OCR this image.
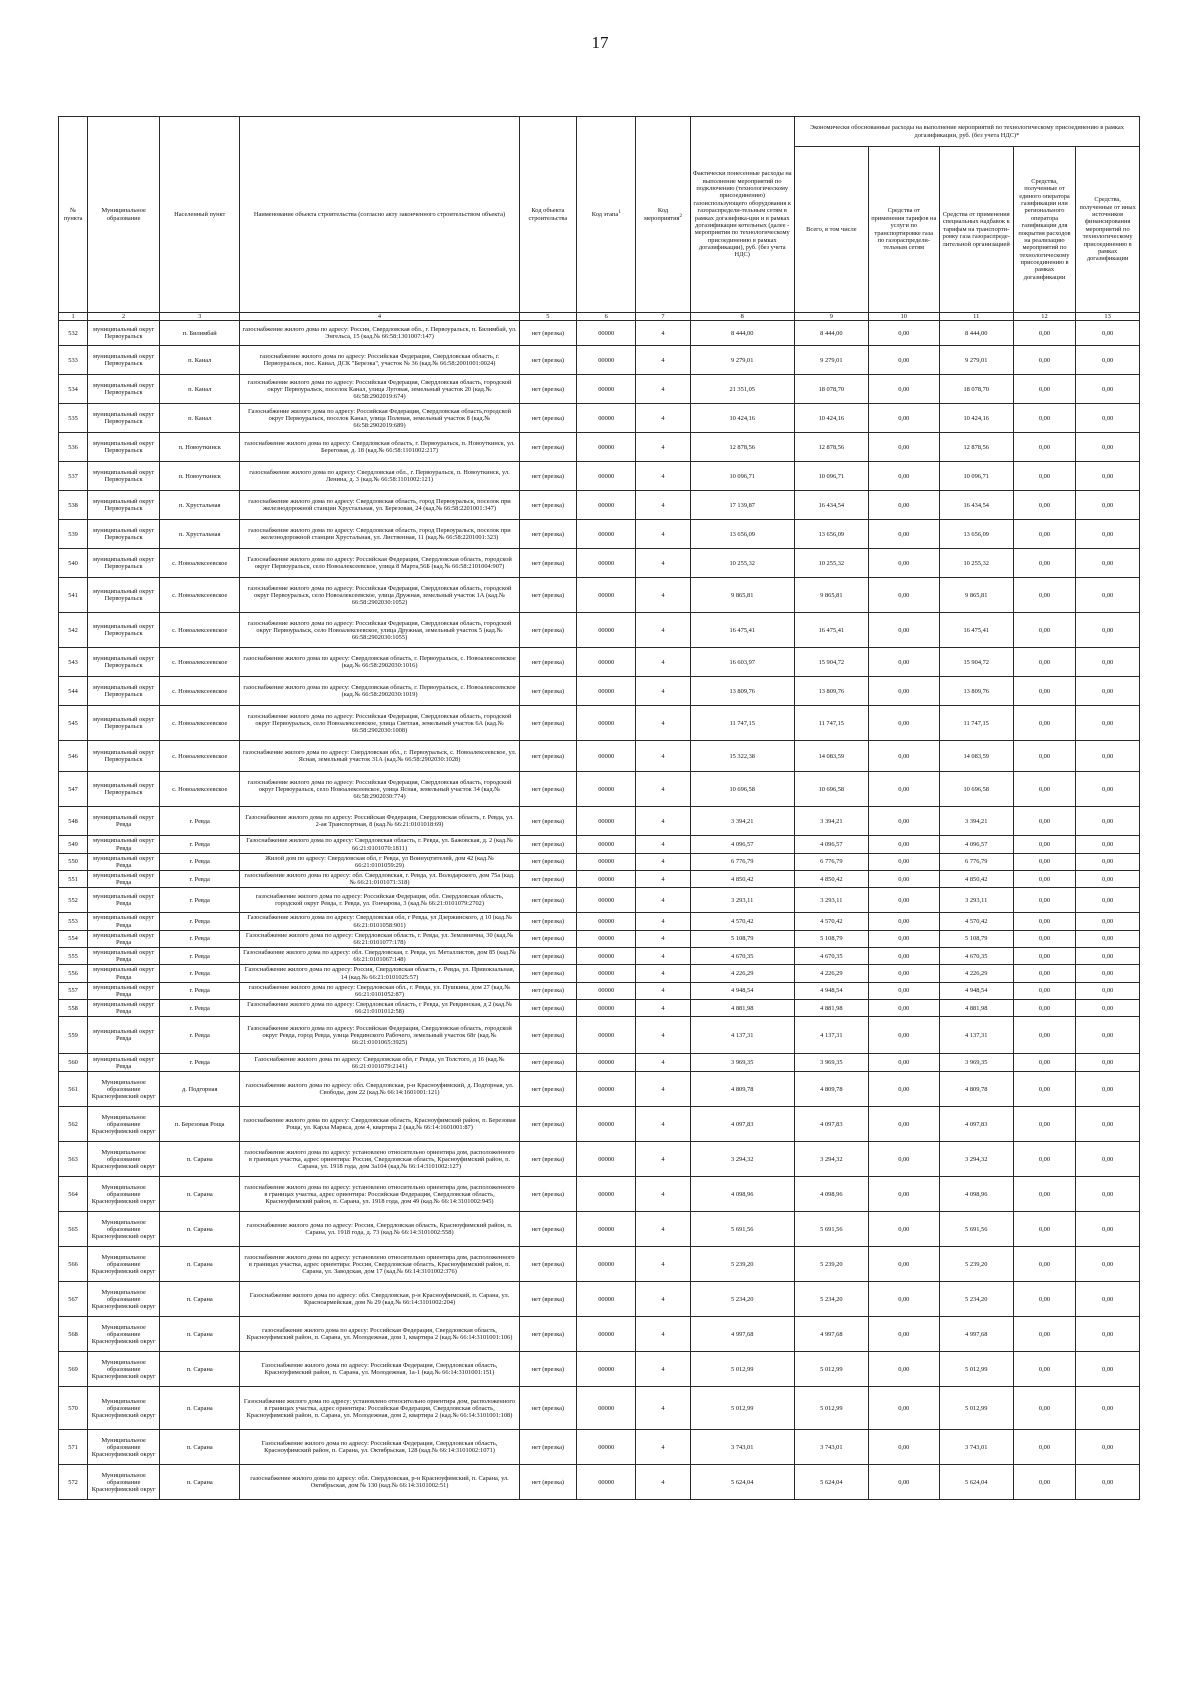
17
№ пункта	Муниципальное образование	Населенный пункт	Наименование объекта строительства (согласно акту законченного строительством объекта)	Код объекта строительства	Код этапа$^1$	Код мероприятия$^2$	Фактически понесенные расходы на выполнение мероприятий по подключению (технологическому присоединению) газоиспользующего оборудования к газораспредели-тельным сетям в рамках догазифика-ции и в рамках догазификации котельных (далее - мероприятия по технологическому присоединению в рамках догазификации), руб. (без учета НДС)	Экономически обоснованные расходы на выполнение мероприятий по технологическому присоединению в рамках догазификации, руб. (без учета НДС)*				
								Всего, в том числе	Средства от применения тарифов на услуги по транспортировке газа по газораспредели-тельным сетям	Средства от применения специальных надбавок к тарифам на транспорти-ровку газа газораспреде-лительной организацией	Средства, полученные от единого оператора газификации или регионального оператора газификации для покрытия расходов на реализацию мероприятий по технологическому присоединению в рамках догазификации	Средства, полученные от иных источников финансирования мероприятий по технологическому присоединению в рамках догазификации
1	2	3	4	5	6	7	8	9	10	11	12	13
532	муниципальный округ Первоуральск	п. Билимбай	газоснабжение жилого дома по адресу: Россия, Свердловская обл., г. Первоуральск, п. Билимбай, ул. Энгельса, 15 (кад.№ 66:58:1301007:147)	нет (врезка)	00000	4	8 444,00	8 444,00	0,00	8 444,00	0,00	0,00
533	муниципальный округ Первоуральск	п. Канал	газоснабжение жилого дома по адресу: Российская Федерация, Свердловская область, г. Первоуральск, пос. Канал, ДСК "Березка", участок № 36 (кад.№ 66:58:2001001:0024)	нет (врезка)	00000	4	9 279,01	9 279,01	0,00	9 279,01	0,00	0,00
534	муниципальный округ Первоуральск	п. Канал	газоснабжение жилого дома по адресу: Российская Федерация, Свердловская область, городской округ Первоуральск, поселок Канал, улица Луговая, земельный участок 20 (кад.№ 66:58:2902019:674)	нет (врезка)	00000	4	21 351,05	18 078,70	0,00	18 078,70	0,00	0,00
535	муниципальный округ Первоуральск	п. Канал	Газоснабжение жилого дома по адресу: Российская Федерация, Свердловская область,городской округ Первоуральск, поселок Канал, улица Полевая, земельный участок 8 (кад.№ 66:58:2902019:689)	нет (врезка)	00000	4	10 424,16	10 424,16	0,00	10 424,16	0,00	0,00
536	муниципальный округ Первоуральск	п. Новоуткинск	газоснабжение жилого дома по адресу: Свердловская область, г. Первоуральск, п. Новоуткинск, ул. Береговая, д. 18 (кад.№ 66:58:1101002:217)	нет (врезка)	00000	4	12 878,56	12 878,56	0,00	12 878,56	0,00	0,00
537	муниципальный округ Первоуральск	п. Новоуткинск	газоснабжение жилого дома по адресу: Свердловская обл., г. Первоуральск, п. Новоуткинск, ул. Ленина, д. 3 (кад.№ 66:58:1101002:121)	нет (врезка)	00000	4	10 096,71	10 096,71	0,00	10 096,71	0,00	0,00
538	муниципальный округ Первоуральск	п. Хрустальная	газоснабжение жилого дома по адресу: Свердловская область, город Первоуральск, поселок при железнодорожной станции Хрустальная, ул. Березовая, 24 (кад.№ 66:58:2201001:347)	нет (врезка)	00000	4	17 139,87	16 434,54	0,00	16 434,54	0,00	0,00
539	муниципальный округ Первоуральск	п. Хрустальная	газоснабжение жилого дома по адресу: Свердловская область, город Первоуральск, поселок при железнодорожной станции Хрустальная, ул. Лиственная, 11 (кад.№ 66:58:2201001:323)	нет (врезка)	00000	4	13 656,09	13 656,09	0,00	13 656,09	0,00	0,00
540	муниципальный округ Первоуральск	с. Новоалексеевское	Газоснабжение жилого дома по адресу: Российская Федерация, Свердловская область, городской округ Первоуральск, село Новоалексеевское, улица 8 Марта,56Б (кад.№ 66:58:2101004:907)	нет (врезка)	00000	4	10 255,32	10 255,32	0,00	10 255,32	0,00	0,00
541	муниципальный округ Первоуральск	с. Новоалексеевское	газоснабжение жилого дома по адресу: Российская Федерация, Свердловская область, городской округ Первоуральск, село Новоалексеевское, улица Дружная, земельный участок 1А (кад.№ 66:58:2902030:1052)	нет (врезка)	00000	4	9 865,81	9 865,81	0,00	9 865,81	0,00	0,00
542	муниципальный округ Первоуральск	с. Новоалексеевское	газоснабжение жилого дома по адресу: Российская Федерация, Свердловская область, городской округ Первоуральск, село Новоалексеевское, улица Дружная, земельный участок 5 (кад.№ 66:58:2902030:1055)	нет (врезка)	00000	4	16 475,41	16 475,41	0,00	16 475,41	0,00	0,00
543	муниципальный округ Первоуральск	с. Новоалексеевское	газоснабжение жилого дома по адресу: Свердловская область, г. Первоуральск, с. Новоалексеевское (кад.№ 66:58:2902030:1016)	нет (врезка)	00000	4	16 603,97	15 904,72	0,00	15 904,72	0,00	0,00
544	муниципальный округ Первоуральск	с. Новоалексеевское	газоснабжение жилого дома по адресу: Свердловская область, г. Первоуральск, с. Новоалексеевское (кад.№ 66:58:2902030:1019)	нет (врезка)	00000	4	13 809,76	13 809,76	0,00	13 809,76	0,00	0,00
545	муниципальный округ Первоуральск	с. Новоалексеевское	газоснабжение жилого дома по адресу: Российская Федерация, Свердловская область, городской округ Первоуральск, село Новоалексеевское, улица Светлая, земельный участок 6А (кад.№ 66:58:2902030:1008)	нет (врезка)	00000	4	11 747,15	11 747,15	0,00	11 747,15	0,00	0,00
546	муниципальный округ Первоуральск	с. Новоалексеевское	газоснабжение жилого дома по адресу: Свердловская обл., г. Первоуральск, с. Новоалексеевское, ул. Ясная, земельный участок 31А (кад.№ 66:58:2902030:1028)	нет (врезка)	00000	4	15 322,38	14 083,59	0,00	14 083,59	0,00	0,00
547	муниципальный округ Первоуральск	с. Новоалексеевское	газоснабжение жилого дома по адресу: Российская Федерация, Свердловская область, городской округ Первоуральск, село Новоалексеевское, улица Ясная, земельный участок 34 (кад.№ 66:58:2902030:774)	нет (врезка)	00000	4	10 696,58	10 696,58	0,00	10 696,58	0,00	0,00
548	муниципальный округ Ревда	г. Ревда	Газоснабжение жилого дома по адресу: Российская Федерация, Свердловская область, г. Ревда, ул. 2-ая Транспортная, 8 (кад.№ 66:21:0101018:69)	нет (врезка)	00000	4	3 394,21	3 394,21	0,00	3 394,21	0,00	0,00
549	муниципальный округ Ревда	г. Ревда	Газоснабжение жилого дома по адресу: Свердловская область, г. Ревда, ул. Бажовская, д. 2 (кад.№ 66:21:0101070:1811)	нет (врезка)	00000	4	4 096,57	4 096,57	0,00	4 096,57	0,00	0,00
550	муниципальный округ Ревда	г. Ревда	Жилой дом по адресу: Свердловская обл, г Ревда, ул Воинуцтителей, дом 42 (кад.№ 66:21:0101059:29)	нет (врезка)	00000	4	6 776,79	6 776,79	0,00	6 776,79	0,00	0,00
551	муниципальный округ Ревда	г. Ревда	газоснабжение жилого дома по адресу: обл. Свердловская, г. Ревда, ул. Володарского, дом 75а (кад.№ 66:21:0101071:318)	нет (врезка)	00000	4	4 850,42	4 850,42	0,00	4 850,42	0,00	0,00
552	муниципальный округ Ревда	г. Ревда	газоснабжение жилого дома по адресу: Российская Федерация, обл. Свердловская область, городской округ Ревда, г. Ревда, ул. Гончарова, 3 (кад.№ 66:21:0101079:2702)	нет (врезка)	00000	4	3 293,11	3 293,11	0,00	3 293,11	0,00	0,00
553	муниципальный округ Ревда	г. Ревда	Газоснабжение жилого дома по адресу: Свердловская обл, г Ревда, ул Дзержинского, д 10 (кад.№ 66:21:0101058:901)	нет (врезка)	00000	4	4 570,42	4 570,42	0,00	4 570,42	0,00	0,00
554	муниципальный округ Ревда	г. Ревда	Газоснабжение жилого дома по адресу: Свердловская область, г. Ревда, ул. Землянична, 30 (кад.№ 66:21:0101077:178)	нет (врезка)	00000	4	5 108,79	5 108,79	0,00	5 108,79	0,00	0,00
555	муниципальный округ Ревда	г. Ревда	Газоснабжение жилого дома по адресу: обл. Свердловская, г. Ревда, ул. Металлистов, дом 85 (кад.№ 66:21:0101067:148)	нет (врезка)	00000	4	4 670,35	4 670,35	0,00	4 670,35	0,00	0,00
556	муниципальный округ Ревда	г. Ревда	Газоснабжение жилого дома по адресу: Россия, Свердловская область, г. Ревда, ул. Привокзальная, 14 (кад.№ 66:21:0101025:57)	нет (врезка)	00000	4	4 226,29	4 226,29	0,00	4 226,29	0,00	0,00
557	муниципальный округ Ревда	г. Ревда	газоснабжение жилого дома по адресу: Свердловская обл., г. Ревда, ул. Пушкина, дом 27 (кад.№ 66:21:0101052:87)	нет (врезка)	00000	4	4 948,54	4 948,54	0,00	4 948,54	0,00	0,00
558	муниципальный округ Ревда	г. Ревда	Газоснабжение жилого дома по адресу: Свердловская область, г Ревда, ул Ревдинская, д 2 (кад.№ 66:21:0101012:58)	нет (врезка)	00000	4	4 881,98	4 881,98	0,00	4 881,98	0,00	0,00
559	муниципальный округ Ревда	г. Ревда	Газоснабжение жилого дома по адресу: Российская Федерация, Свердловская область, городской округ Ревда, город Ревда, улица Ревдинского Рабочего, земельный участок 68г (кад.№ 66:21:0101065:3925)	нет (врезка)	00000	4	4 137,31	4 137,31	0,00	4 137,31	0,00	0,00
560	муниципальный округ Ревда	г. Ревда	Газоснабжение жилого дома по адресу: Свердловская обл, г Ревда, ул Толстого, д 16 (кад.№ 66:21:0101079:2141)	нет (врезка)	00000	4	3 969,35	3 969,35	0,00	3 969,35	0,00	0,00
561	Муниципальное образование Красноуфимский округ	д. Подгорная	газоснабжение жилого дома по адресу: обл. Свердловская, р-н Красноуфимский, д. Подгорная, ул. Свободы, дом 22 (кад.№ 66:14:1601001:121)	нет (врезка)	00000	4	4 809,78	4 809,78	0,00	4 809,78	0,00	0,00
562	Муниципальное образование Красноуфимский округ	п. Березовая Роща	газоснабжение жилого дома по адресу: Свердловская область, Красноуфимский район, п. Березовая Роща, ул. Карла Маркса, дом 4, квартира 2 (кад.№ 66:14:1601001:87)	нет (врезка)	00000	4	4 097,83	4 097,83	0,00	4 097,83	0,00	0,00
563	Муниципальное образование Красноуфимский округ	п. Сарана	газоснабжение жилого дома по адресу: установлено относительно ориентира дом, расположенного в границах участка, адрес ориентира: Россия, Свердловская область, Красноуфимский район, п. Сарана, ул. 1918 года, дом 3а104 (кад.№ 66:14:3101002:127)	нет (врезка)	00000	4	3 294,32	3 294,32	0,00	3 294,32	0,00	0,00
564	Муниципальное образование Красноуфимский округ	п. Сарана	газоснабжение жилого дома по адресу: установлено относительно ориентира дом, расположенного в границах участка, адрес ориентира: Российская Федерация, Свердловская область, Красноуфимский район, п. Сарана, ул. 1918 года, дом 49 (кад.№ 66:14:3101002:945)	нет (врезка)	00000	4	4 098,96	4 098,96	0,00	4 098,96	0,00	0,00
565	Муниципальное образование Красноуфимский округ	п. Сарана	газоснабжение жилого дома по адресу: Россия, Свердловская область, Красноуфимский район, п. Сарана, ул. 1918 года, д. 73 (кад.№ 66:14:3101002:558)	нет (врезка)	00000	4	5 691,56	5 691,56	0,00	5 691,56	0,00	0,00
566	Муниципальное образование Красноуфимский округ	п. Сарана	газоснабжение жилого дома по адресу: установлено относительно ориентира дом, расположенного в границах участка, адрес ориентира: Россия, Свердловская область, Красноуфимский район, п. Сарана, ул. Заводская, дом 17 (кад.№ 66:14:3101002:376)	нет (врезка)	00000	4	5 239,20	5 239,20	0,00	5 239,20	0,00	0,00
567	Муниципальное образование Красноуфимский округ	п. Сарана	Газоснабжение жилого дома по адресу: обл. Свердловская, р-н Красноуфимский, п. Сарана, ул. Красноармейская, дом № 29 (кад.№ 66:14:3101002:204)	нет (врезка)	00000	4	5 234,20	5 234,20	0,00	5 234,20	0,00	0,00
568	Муниципальное образование Красноуфимский округ	п. Сарана	газоснабжение жилого дома по адресу: Российская Федерация, Свердловская область, Красноуфимский район, п. Сарана, ул. Молодежная, дом 1, квартира 2 (кад.№ 66:14:3101001:106)	нет (врезка)	00000	4	4 997,68	4 997,68	0,00	4 997,68	0,00	0,00
569	Муниципальное образование Красноуфимский округ	п. Сарана	Газоснабжение жилого дома по адресу: Российская Федерация, Свердловская область, Красноуфимский район, п. Сарана, ул. Молодежная, 1а-1 (кад.№ 66:14:3101001:151)	нет (врезка)	00000	4	5 012,99	5 012,99	0,00	5 012,99	0,00	0,00
570	Муниципальное образование Красноуфимский округ	п. Сарана	Газоснабжение жилого дома по адресу: установлено относительно ориентира дом, расположенного в границах участка, адрес ориентира: Российская Федерация, Свердловская область, Красноуфимский район, п. Сарана, ул. Молодежная, дом 2, квартира 2 (кад.№ 66:14:3101001:108)	нет (врезка)	00000	4	5 012,99	5 012,99	0,00	5 012,99	0,00	0,00
571	Муниципальное образование Красноуфимский округ	п. Сарана	Газоснабжение жилого дома по адресу: Российская Федерация, Свердловская область, Красноуфимский район, п. Сарана, ул. Октябрьская, 128 (кад.№ 66:14:3101002:1071)	нет (врезка)	00000	4	3 743,01	3 743,01	0,00	3 743,01	0,00	0,00
572	Муниципальное образование Красноуфимский округ	п. Сарана	газоснабжение жилого дома по адресу: обл. Свердловская, р-н Красноуфимский, п. Сарана, ул. Октябрьская, дом № 130 (кад.№ 66:14:3101002:51)	нет (врезка)	00000	4	5 624,04	5 624,04	0,00	5 624,04	0,00	0,00
